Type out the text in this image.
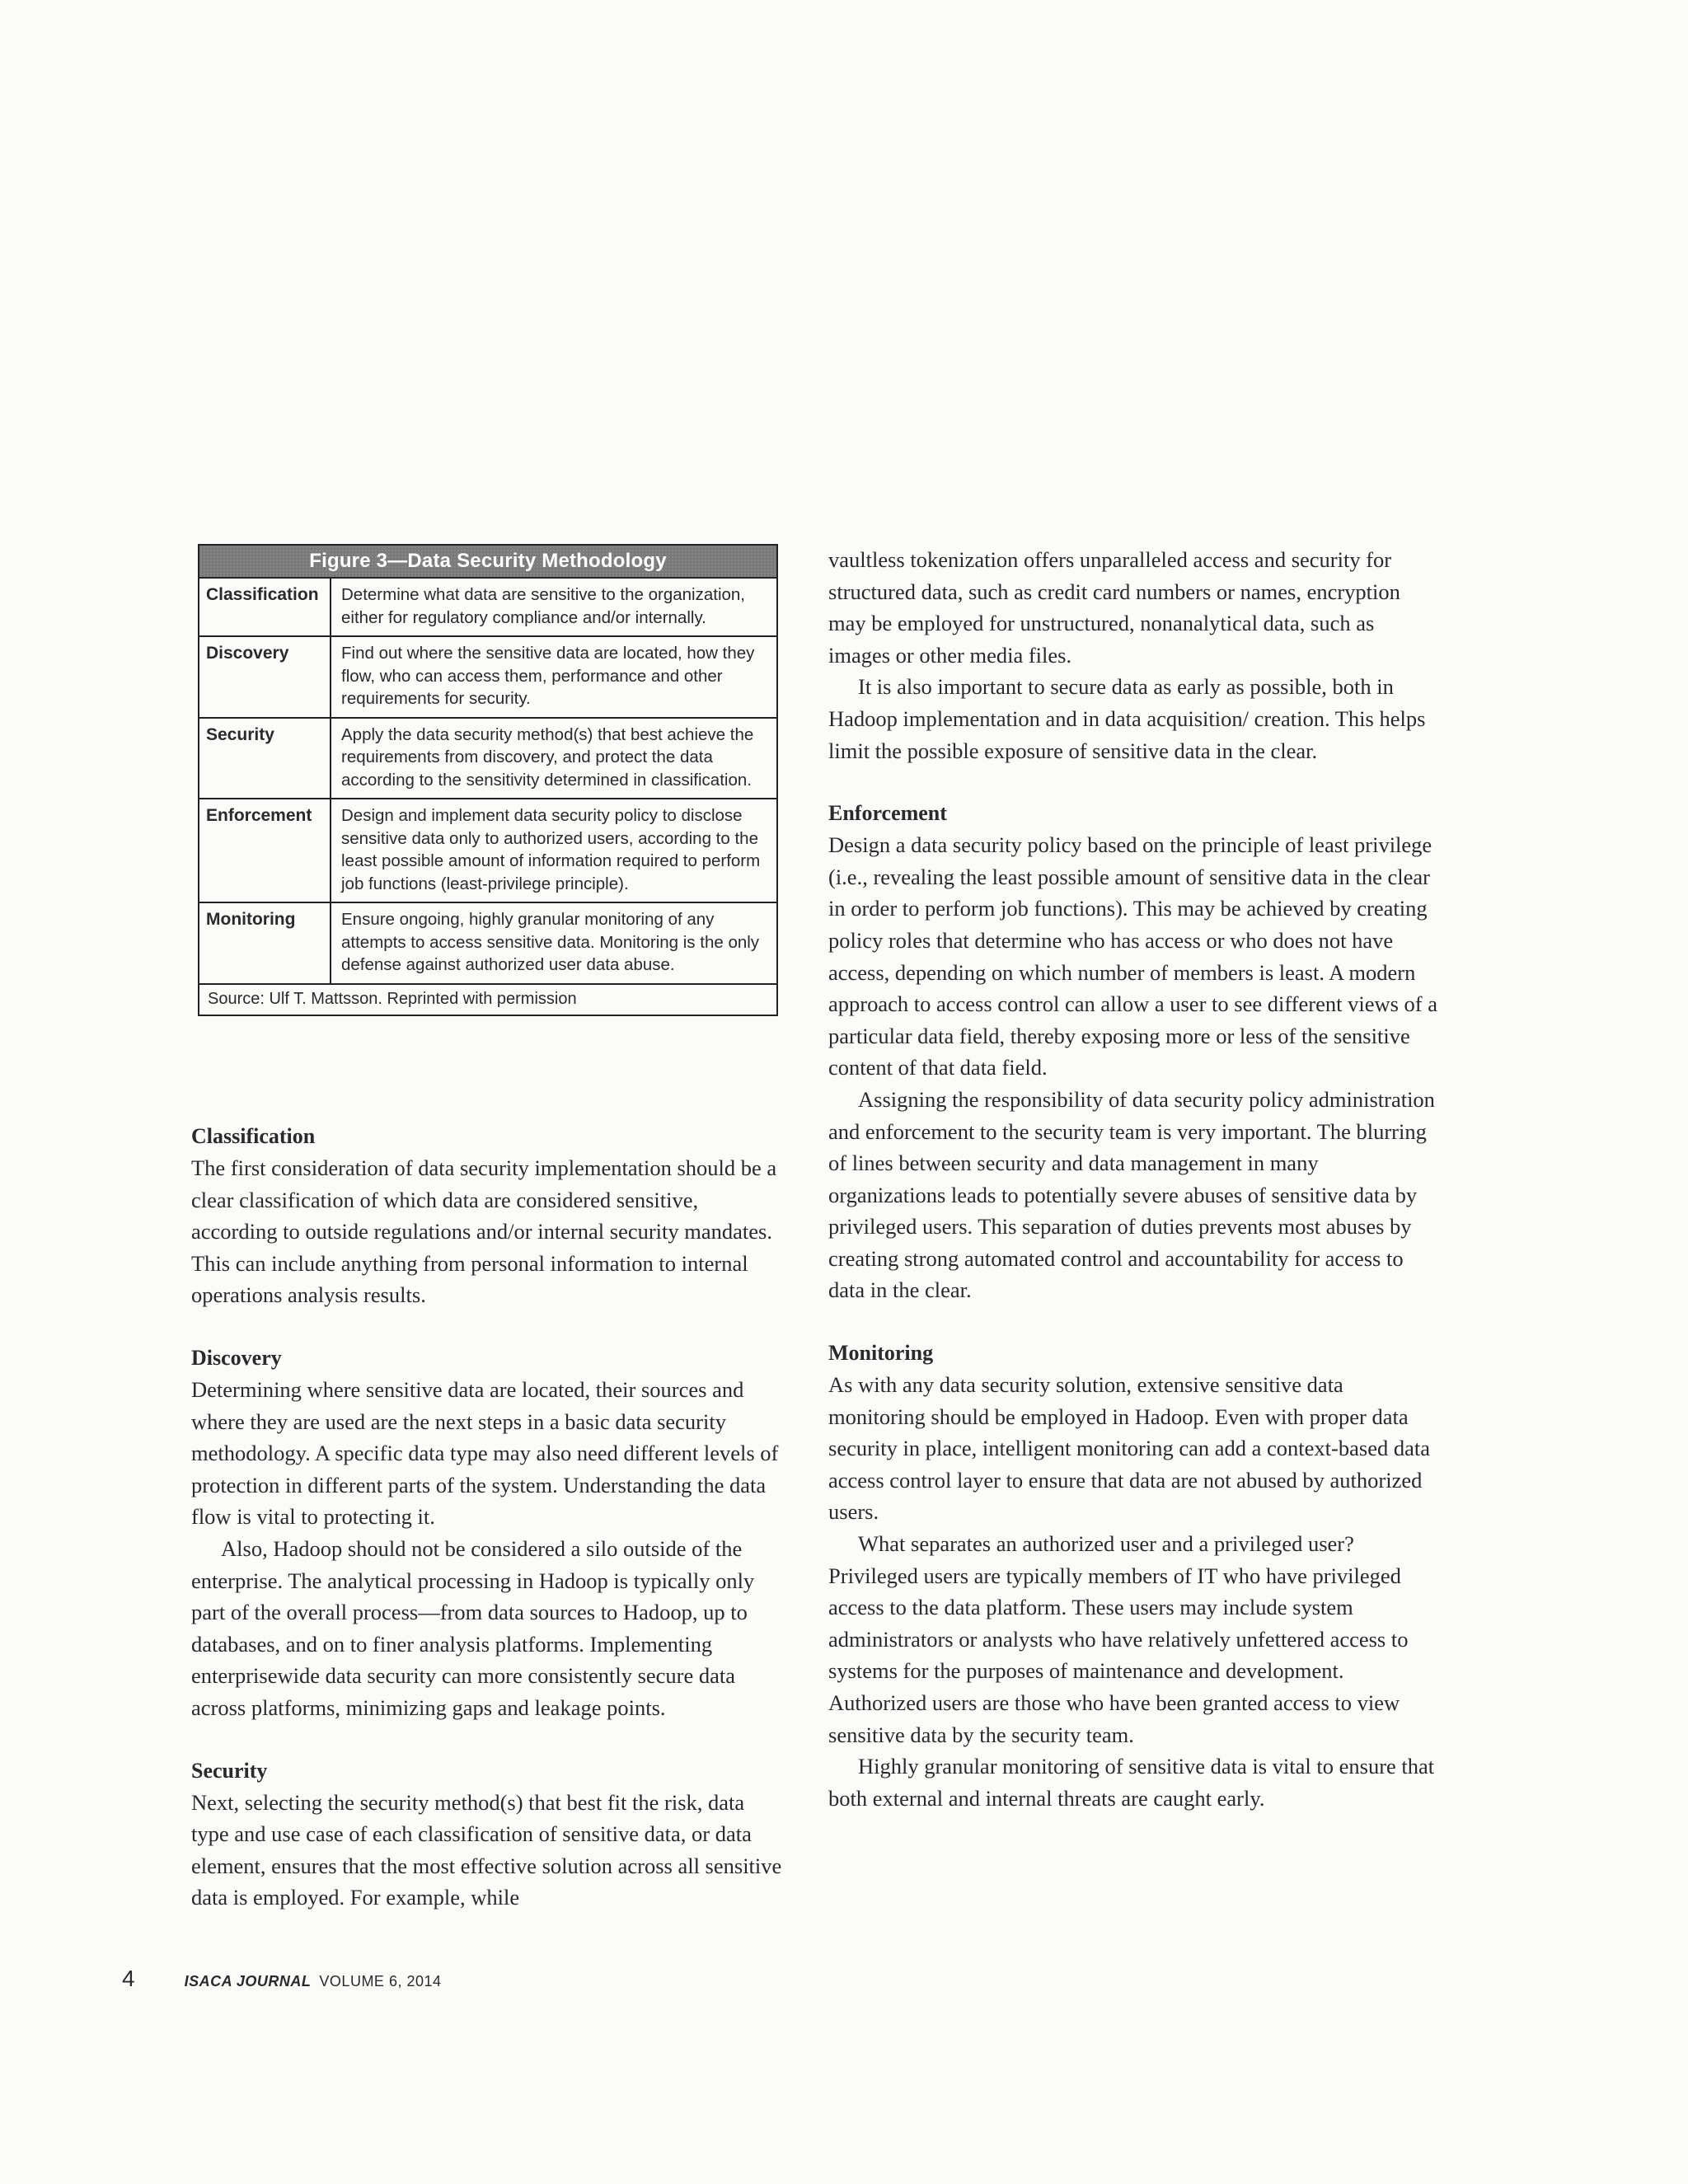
Figure 3—Data Security Methodology
Classification	Determine what data are sensitive to the organization, either for regulatory compliance and/or internally.
Discovery	Find out where the sensitive data are located, how they flow, who can access them, performance and other requirements for security.
Security	Apply the data security method(s) that best achieve the requirements from discovery, and protect the data according to the sensitivity determined in classification.
Enforcement	Design and implement data security policy to disclose sensitive data only to authorized users, according to the least possible amount of information required to perform job functions (least-privilege principle).
Monitoring	Ensure ongoing, highly granular monitoring of any attempts to access sensitive data. Monitoring is the only defense against authorized user data abuse.
Source: Ulf T. Mattsson. Reprinted with permission
Classification

The first consideration of data security implementation should be a clear classification of which data are considered sensitive, according to outside regulations and/or internal security mandates. This can include anything from personal information to internal operations analysis results.

Discovery

Determining where sensitive data are located, their sources and where they are used are the next steps in a basic data security methodology. A specific data type may also need different levels of protection in different parts of the system. Understanding the data flow is vital to protecting it.

Also, Hadoop should not be considered a silo outside of the enterprise. The analytical processing in Hadoop is typically only part of the overall process—from data sources to Hadoop, up to databases, and on to finer analysis platforms. Implementing enterprisewide data security can more consistently secure data across platforms, minimizing gaps and leakage points.

Security

Next, selecting the security method(s) that best fit the risk, data type and use case of each classification of sensitive data, or data element, ensures that the most effective solution across all sensitive data is employed. For example, while

vaultless tokenization offers unparalleled access and security for structured data, such as credit card numbers or names, encryption may be employed for unstructured, nonanalytical data, such as images or other media files.

It is also important to secure data as early as possible, both in Hadoop implementation and in data acquisition/ creation. This helps limit the possible exposure of sensitive data in the clear.

Enforcement

Design a data security policy based on the principle of least privilege (i.e., revealing the least possible amount of sensitive data in the clear in order to perform job functions). This may be achieved by creating policy roles that determine who has access or who does not have access, depending on which number of members is least. A modern approach to access control can allow a user to see different views of a particular data field, thereby exposing more or less of the sensitive content of that data field.

Assigning the responsibility of data security policy administration and enforcement to the security team is very important. The blurring of lines between security and data management in many organizations leads to potentially severe abuses of sensitive data by privileged users. This separation of duties prevents most abuses by creating strong automated control and accountability for access to data in the clear.

Monitoring

As with any data security solution, extensive sensitive data monitoring should be employed in Hadoop. Even with proper data security in place, intelligent monitoring can add a context-based data access control layer to ensure that data are not abused by authorized users.

What separates an authorized user and a privileged user? Privileged users are typically members of IT who have privileged access to the data platform. These users may include system administrators or analysts who have relatively unfettered access to systems for the purposes of maintenance and development. Authorized users are those who have been granted access to view sensitive data by the security team.

Highly granular monitoring of sensitive data is vital to ensure that both external and internal threats are caught early.

4	ISACA JOURNAL VOLUME 6, 2014
